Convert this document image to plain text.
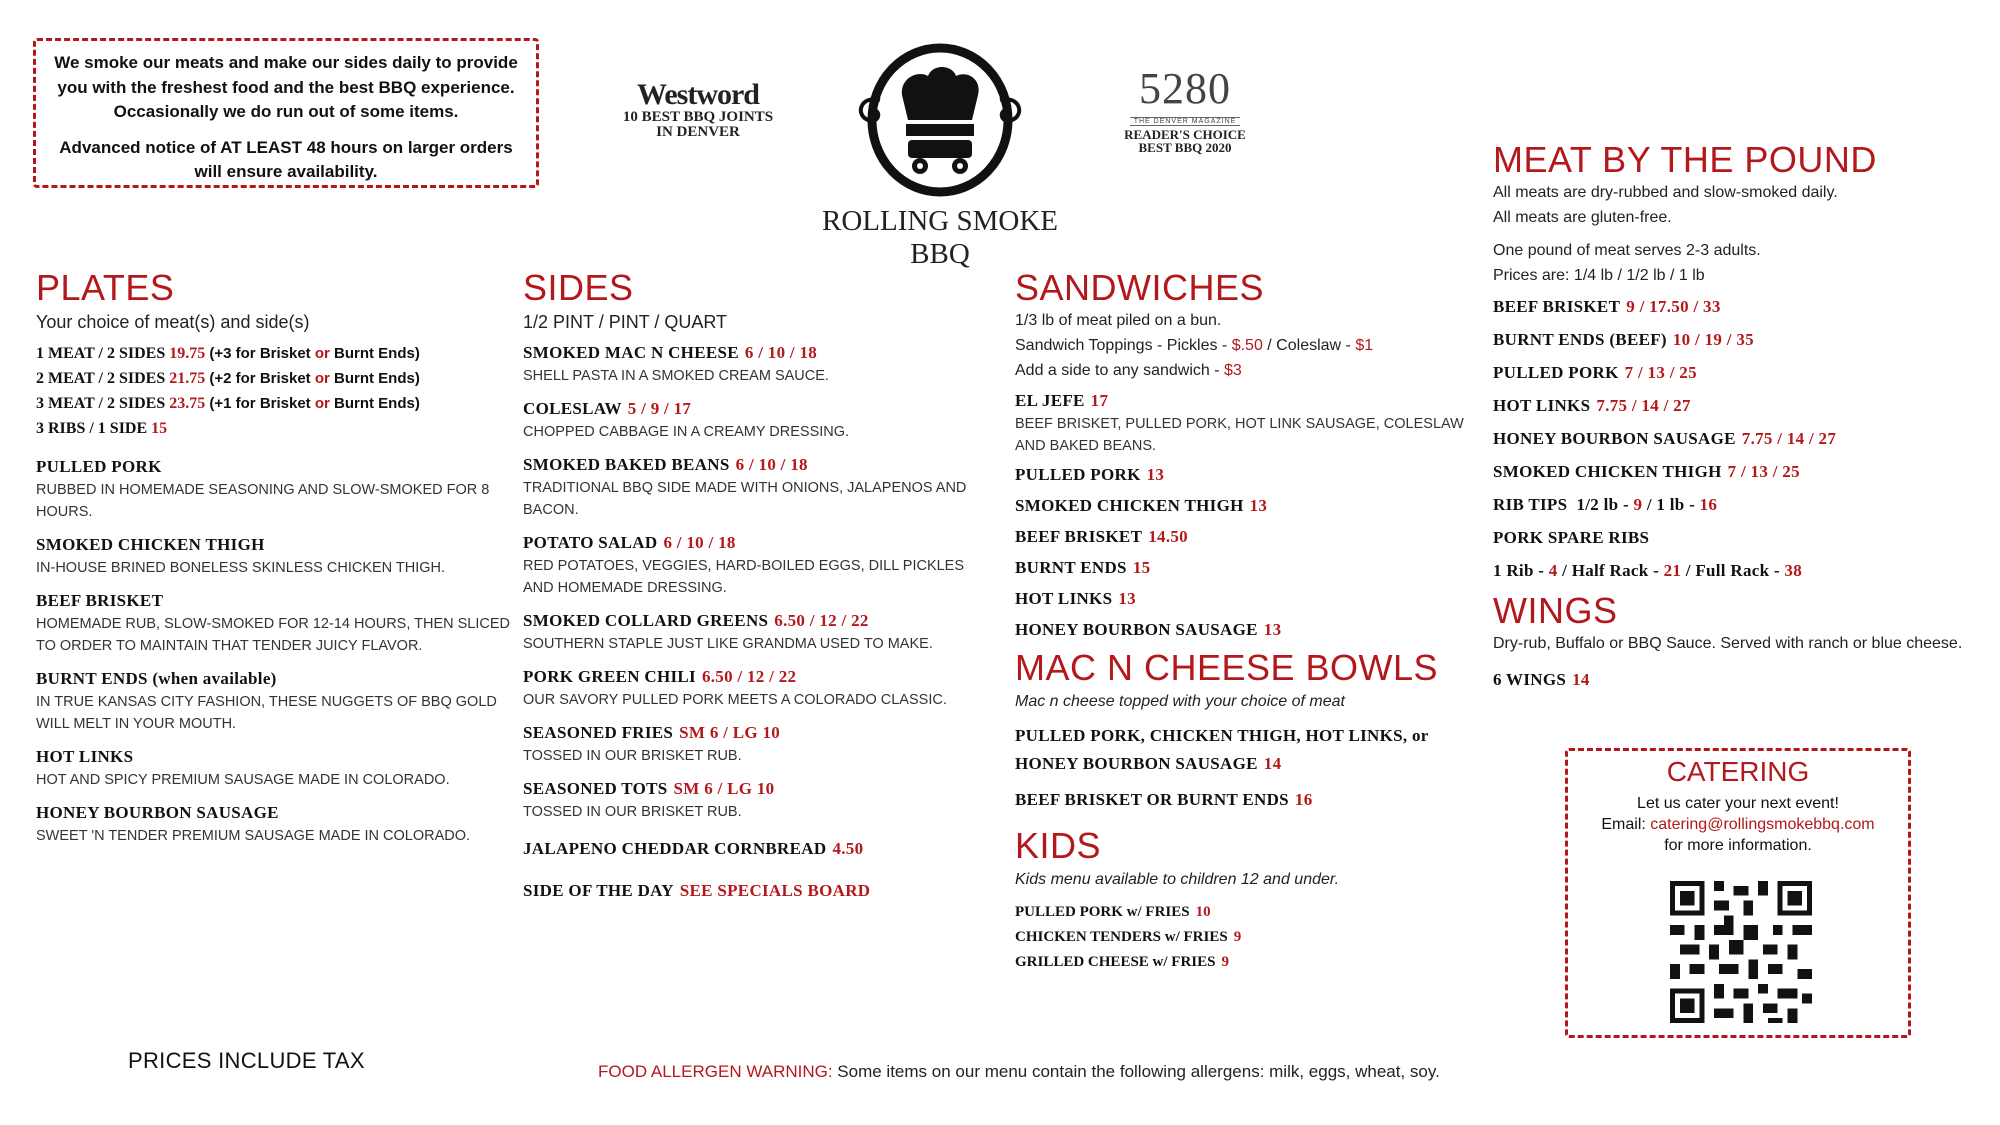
We smoke our meats and make our sides daily to provide you with the freshest food and the best BBQ experience. Occasionally we do run out of some items.

Advanced notice of AT LEAST 48 hours on larger orders will ensure availability.

Westword
10 BEST BBQ JOINTS
IN DENVER
ROLLING SMOKE BBQ
5280
THE DENVER MAGAZINE
READER'S CHOICE
BEST BBQ 2020
PLATES
Your choice of meat(s) and side(s)
1 MEAT / 2 SIDES 19.75 (+3 for Brisket or Burnt Ends)
2 MEAT / 2 SIDES 21.75 (+2 for Brisket or Burnt Ends)
3 MEAT / 2 SIDES 23.75 (+1 for Brisket or Burnt Ends)
3 RIBS / 1 SIDE 15
PULLED PORK
RUBBED IN HOMEMADE SEASONING AND SLOW-SMOKED FOR 8 HOURS.
SMOKED CHICKEN THIGH
IN-HOUSE BRINED BONELESS SKINLESS CHICKEN THIGH.
BEEF BRISKET
HOMEMADE RUB, SLOW-SMOKED FOR 12-14 HOURS, THEN SLICED TO ORDER TO MAINTAIN THAT TENDER JUICY FLAVOR.
BURNT ENDS (when available)
IN TRUE KANSAS CITY FASHION, THESE NUGGETS OF BBQ GOLD WILL MELT IN YOUR MOUTH.
HOT LINKS
HOT AND SPICY PREMIUM SAUSAGE MADE IN COLORADO.
HONEY BOURBON SAUSAGE
SWEET 'N TENDER PREMIUM SAUSAGE MADE IN COLORADO.
SIDES
1/2 PINT / PINT / QUART
SMOKED MAC N CHEESE 6 / 10 / 18
SHELL PASTA IN A SMOKED CREAM SAUCE.
COLESLAW 5 / 9 / 17
CHOPPED CABBAGE IN A CREAMY DRESSING.
SMOKED BAKED BEANS 6 / 10 / 18
TRADITIONAL BBQ SIDE MADE WITH ONIONS, JALAPENOS AND BACON.
POTATO SALAD 6 / 10 / 18
RED POTATOES, VEGGIES, HARD-BOILED EGGS, DILL PICKLES AND HOMEMADE DRESSING.
SMOKED COLLARD GREENS 6.50 / 12 / 22
SOUTHERN STAPLE JUST LIKE GRANDMA USED TO MAKE.
PORK GREEN CHILI 6.50 / 12 / 22
OUR SAVORY PULLED PORK MEETS A COLORADO CLASSIC.
SEASONED FRIES SM 6 / LG 10
TOSSED IN OUR BRISKET RUB.
SEASONED TOTS SM 6 / LG 10
TOSSED IN OUR BRISKET RUB.
JALAPENO CHEDDAR CORNBREAD 4.50
SIDE OF THE DAY SEE SPECIALS BOARD
SANDWICHES
1/3 lb of meat piled on a bun.
Sandwich Toppings - Pickles - $.50 / Coleslaw - $1
Add a side to any sandwich - $3
EL JEFE 17
BEEF BRISKET, PULLED PORK, HOT LINK SAUSAGE, COLESLAW AND BAKED BEANS.
PULLED PORK 13
SMOKED CHICKEN THIGH 13
BEEF BRISKET 14.50
BURNT ENDS 15
HOT LINKS 13
HONEY BOURBON SAUSAGE 13
MAC N CHEESE BOWLS
Mac n cheese topped with your choice of meat
PULLED PORK, CHICKEN THIGH, HOT LINKS, or HONEY BOURBON SAUSAGE 14
BEEF BRISKET OR BURNT ENDS 16
KIDS
Kids menu available to children 12 and under.
PULLED PORK w/ FRIES 10
CHICKEN TENDERS w/ FRIES 9
GRILLED CHEESE w/ FRIES 9
MEAT BY THE POUND
All meats are dry-rubbed and slow-smoked daily.
All meats are gluten-free.
One pound of meat serves 2-3 adults.
Prices are: 1/4 lb / 1/2 lb / 1 lb
BEEF BRISKET 9 / 17.50 / 33
BURNT ENDS (BEEF) 10 / 19 / 35
PULLED PORK 7 / 13 / 25
HOT LINKS 7.75 / 14 / 27
HONEY BOURBON SAUSAGE 7.75 / 14 / 27
SMOKED CHICKEN THIGH 7 / 13 / 25
RIB TIPS 1/2 lb - 9 / 1 lb - 16
PORK SPARE RIBS
1 Rib - 4 / Half Rack - 21 / Full Rack - 38
WINGS
Dry-rub, Buffalo or BBQ Sauce. Served with ranch or blue cheese.
6 WINGS 14
CATERING
Let us cater your next event!
Email: catering@rollingsmokebbq.com
for more information.
PRICES INCLUDE TAX	FOOD ALLERGEN WARNING: Some items on our menu contain the following allergens: milk, eggs, wheat, soy.
